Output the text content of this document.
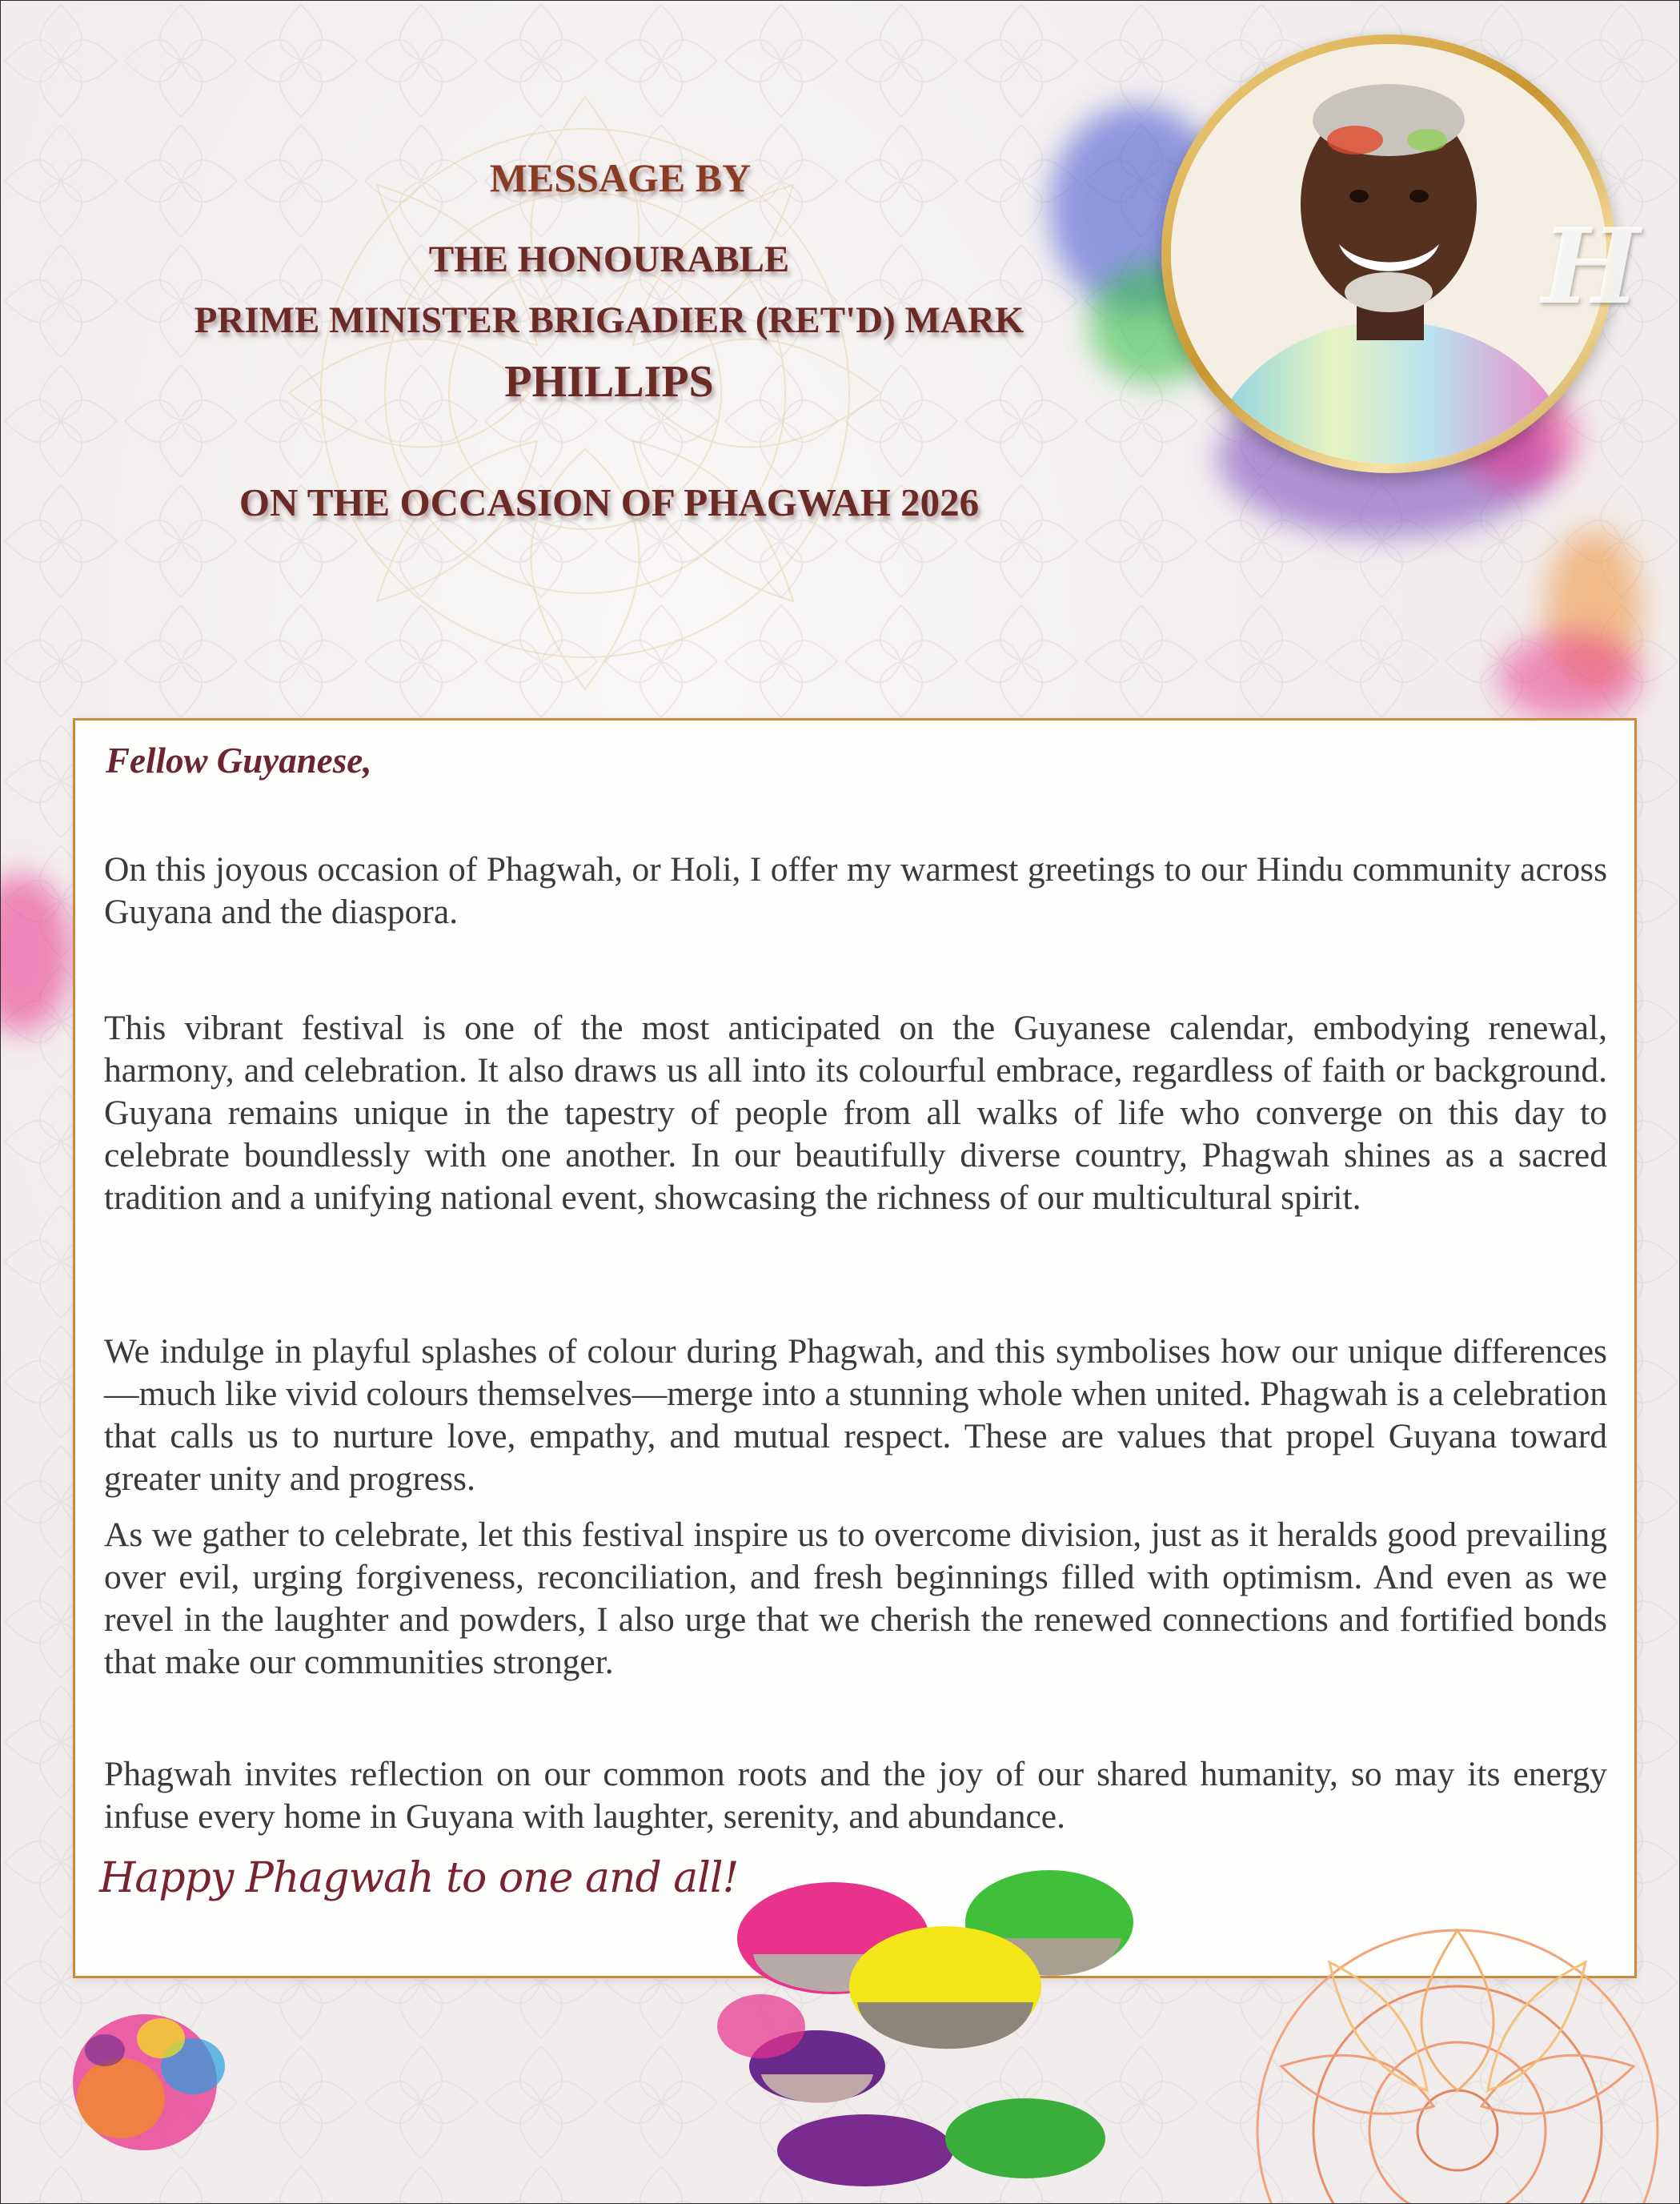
MESSAGE BY
THE HONOURABLE
PRIME MINISTER BRIGADIER (RET'D) MARK
PHILLIPS
ON THE OCCASION OF PHAGWAH 2026
H
Fellow Guyanese,
On this joyous occasion of Phagwah, or Holi, I offer my warmest greetings to our Hindu community across Guyana and the diaspora.
This vibrant festival is one of the most anticipated on the Guyanese calendar, embodying renewal, harmony, and celebration. It also draws us all into its colourful embrace, regardless of faith or background. Guyana remains unique in the tapestry of people from all walks of life who converge on this day to celebrate boundlessly with one another. In our beautifully diverse country, Phagwah shines as a sacred tradition and a unifying national event, showcasing the richness of our multicultural spirit.
We indulge in playful splashes of colour during Phagwah, and this symbolises how our unique differences—much like vivid colours themselves—merge into a stunning whole when united. Phagwah is a celebration that calls us to nurture love, empathy, and mutual respect. These are values that propel Guyana toward greater unity and progress.
As we gather to celebrate, let this festival inspire us to overcome division, just as it heralds good prevailing over evil, urging forgiveness, reconciliation, and fresh beginnings filled with optimism. And even as we revel in the laughter and powders, I also urge that we cherish the renewed connections and fortified bonds that make our communities stronger.
Phagwah invites reflection on our common roots and the joy of our shared humanity, so may its energy infuse every home in Guyana with laughter, serenity, and abundance.
Happy Phagwah to one and all!
